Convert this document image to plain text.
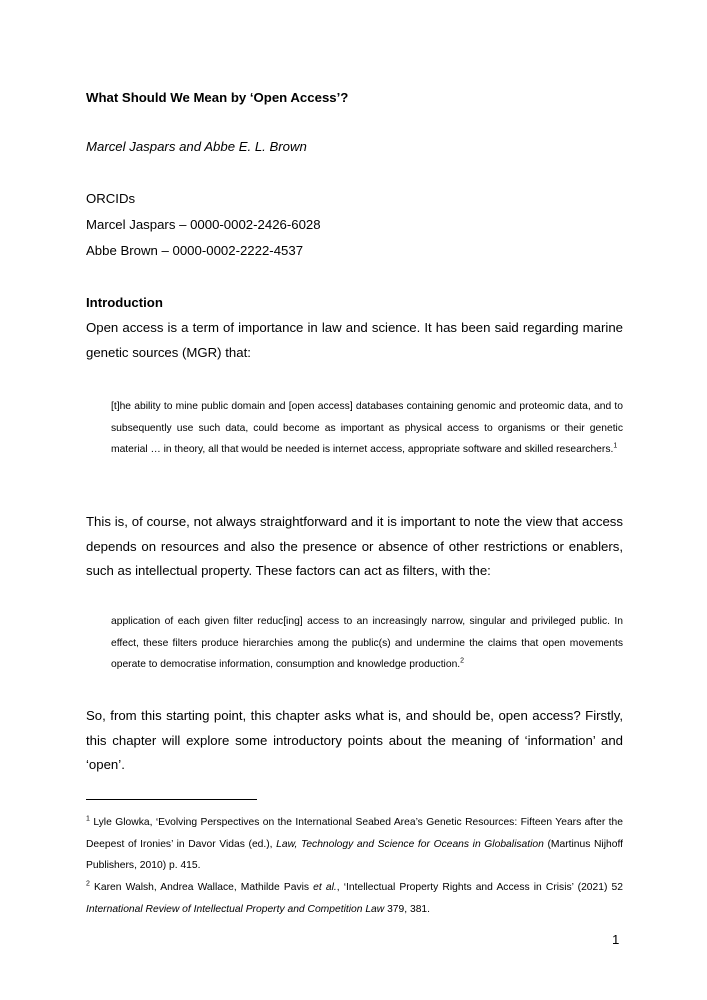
What Should We Mean by ‘Open Access’?
Marcel Jaspars and Abbe E. L. Brown
ORCIDs
Marcel Jaspars – 0000-0002-2426-6028
Abbe Brown – 0000-0002-2222-4537
Introduction
Open access is a term of importance in law and science. It has been said regarding marine genetic sources (MGR) that:
[t]he ability to mine public domain and [open access] databases containing genomic and proteomic data, and to subsequently use such data, could become as important as physical access to organisms or their genetic material … in theory, all that would be needed is internet access, appropriate software and skilled researchers.$^1$
This is, of course, not always straightforward and it is important to note the view that access depends on resources and also the presence or absence of other restrictions or enablers, such as intellectual property. These factors can act as filters, with the:
application of each given filter reduc[ing] access to an increasingly narrow, singular and privileged public. In effect, these filters produce hierarchies among the public(s) and undermine the claims that open movements operate to democratise information, consumption and knowledge production.$^2$
So, from this starting point, this chapter asks what is, and should be, open access? Firstly, this chapter will explore some introductory points about the meaning of ‘information’ and ‘open’.
$^1$ Lyle Glowka, ‘Evolving Perspectives on the International Seabed Area’s Genetic Resources: Fifteen Years after the Deepest of Ironies’ in Davor Vidas (ed.), Law, Technology and Science for Oceans in Globalisation (Martinus Nijhoff Publishers, 2010) p. 415.
$^2$ Karen Walsh, Andrea Wallace, Mathilde Pavis et al., ‘Intellectual Property Rights and Access in Crisis’ (2021) 52 International Review of Intellectual Property and Competition Law 379, 381.
1
